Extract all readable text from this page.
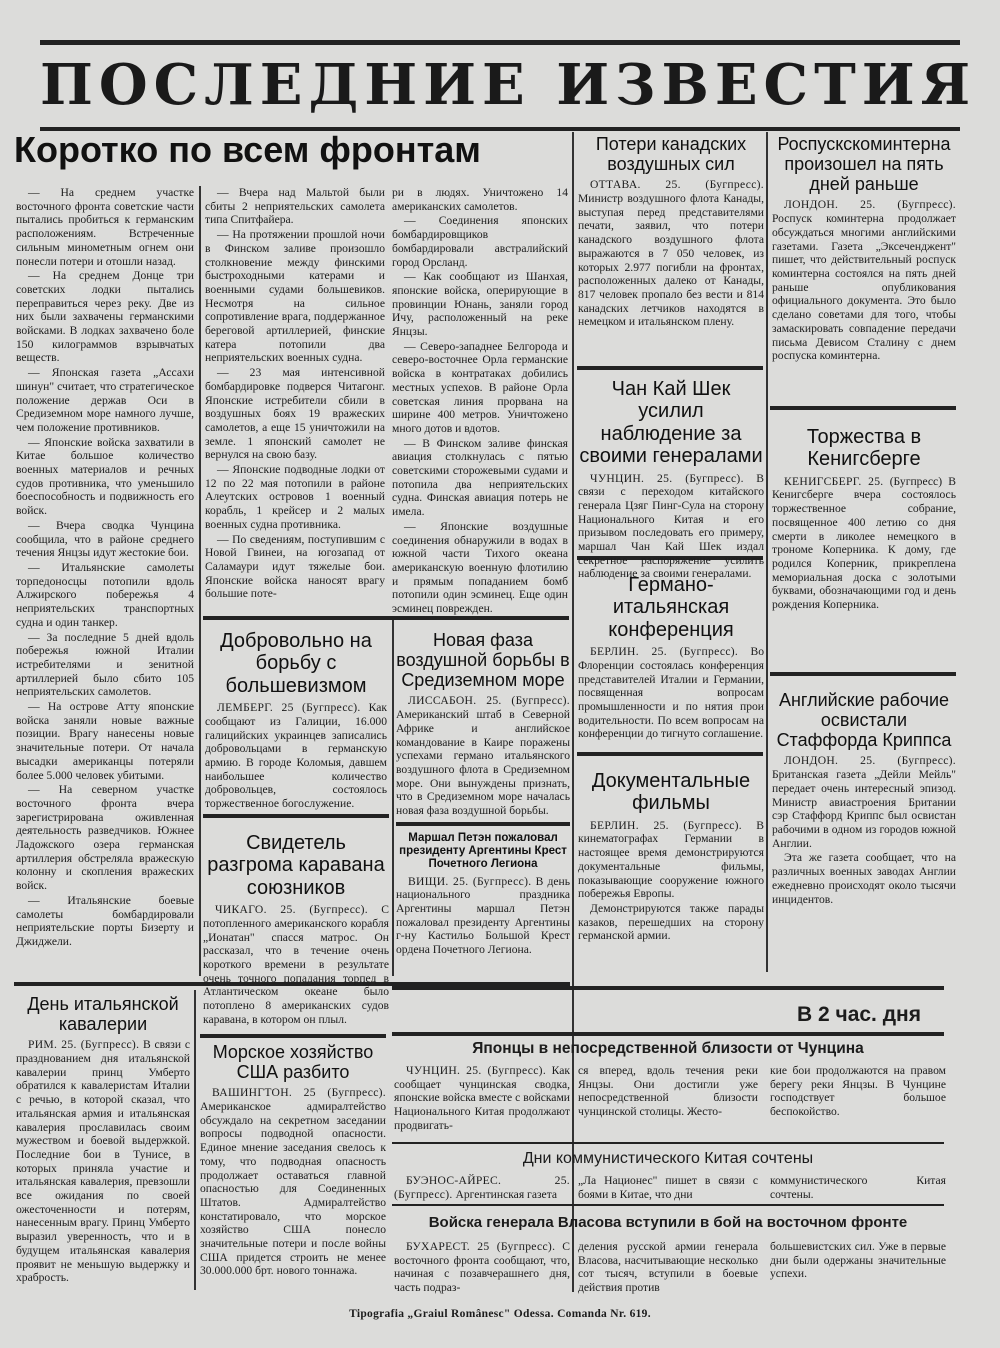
ПОСЛЕДНИЕ ИЗВЕСТИЯ
Коротко по всем фронтам

— На среднем участке восточного фронта советские части пытались пробиться к германским расположениям. Встреченные сильным минометным огнем они понесли потери и отошли назад.

— На среднем Донце три советских лодки пытались переправиться через реку. Две из них были захвачены германскими войсками. В лодках захвачено боле 150 килограммов взрывчатых веществ.

— Японская газета „Ассахи шинун" считает, что стратегическое положение держав Оси в Средиземном море намного лучше, чем положение противников.

— Японские войска захватили в Китае большое количество военных материалов и речных судов противника, что уменьшило боеспособность и подвижность его войск.

— Вчера сводка Чунцина сообщила, что в районе среднего течения Янцзы идут жестокие бои.

— Итальянские самолеты торпедоносцы потопили вдоль Алжирского побережья 4 неприятельских транспортных судна и один танкер.

— За последние 5 дней вдоль побережья южной Италии истребителями и зенитной артиллерией было сбито 105 неприятельских самолетов.

— На острове Атту японские войска заняли новые важные позиции. Врагу нанесены новые значительные потери. От начала высадки американцы потеряли более 5.000 человек убитыми.

— На северном участке восточного фронта вчера зарегистрирована оживленная деятельность разведчиков. Южнее Ладожского озера германская артиллерия обстреляла вражескую колонну и скопления вражеских войск.

— Итальянские боевые самолеты бомбардировали неприятельские порты Бизерту и Джиджели.

— Вчера над Мальтой были сбиты 2 неприятельских самолета типа Спитфайера.

— На протяжении прошлой ночи в Финском заливе произошло столкновение между финскими быстроходными катерами и военными судами большевиков. Несмотря на сильное сопротивление врага, поддержанное береговой артиллерией, финские катера потопили два неприятельских военных судна.

— 23 мая интенсивной бомбардировке подверся Читагонг. Японские истребители сбили в воздушных боях 19 вражеских самолетов, а еще 15 уничтожили на земле. 1 японский самолет не вернулся на свою базу.

— Японские подводные лодки от 12 по 22 мая потопили в районе Алеутских островов 1 военный корабль, 1 крейсер и 2 малых военных судна противника.

— По сведениям, поступившим с Новой Гвинеи, на югозапад от Саламаури идут тяжелые бои. Японские войска наносят врагу большие поте-

ри в людях. Уничтожено 14 американских самолетов.

— Соединения японских бомбардировщиков бомбардировали австралийский город Орсланд.

— Как сообщают из Шанхая, японские войска, оперирующие в провинции Юнань, заняли город Ичу, расположенный на реке Янцзы.

— Северо-западнее Белгорода и северо-восточнее Орла германские войска в контратаках добились местных успехов. В районе Орла советская линия прорвана на ширине 400 метров. Уничтожено много дотов и вдотов.

— В Финском заливе финская авиация столкнулась с пятью советскими сторожевыми судами и потопила два неприятельских судна. Финская авиация потерь не имела.

— Японские воздушные соединения обнаружили в водах в южной части Тихого океана американскую военную флотилию и прямым попаданием бомб потопили один эсминец. Еще один эсминец поврежден.

Потери канадских воздушных сил

ОТТАВА. 25. (Бугпресс). Министр воздушного флота Канады, выступая перед представителями печати, заявил, что потери канадского воздушного флота выражаются в 7 050 человек, из которых 2.977 погибли на фронтах, расположенных далеко от Канады, 817 человек пропало без вести и 814 канадских летчиков находятся в немецком и итальянском плену.

Роспускcкоминтерна произошел на пять дней раньше

ЛОНДОН. 25. (Бугпресс). Роспуск коминтерна продолжает обсуждаться многими английскими газетами. Газета „Эксеченджент" пишет, что действительный роспуск коминтерна состоялся на пять дней раньше опубликования официального документа. Это было сделано советами для того, чтобы замаскировать совпадение передачи письма Девисом Сталину с днем роспуска коминтерна.

Чан Кай Шек усилил наблюдение за своими генералами

ЧУНЦИН. 25. (Бугпресс). В связи с переходом китайского генерала Цзяг Пинг-Сула на сторону Национального Китая и его призывом последовать его примеру, маршал Чан Кай Шек издал секретное распоряжение усилить наблюдение за своими генералами.

Торжества в Кенигсберге

КЕНИГСБЕРГ. 25. (Бугпресс) В Кенигсберге вчера состоялось торжественное собрание, посвященное 400 летию со дня смерти в ликолее немецкого в трономе Коперника. К дому, где родился Коперник, прикреплена мемориальная доска с золотыми буквами, обозначающими год и день рождения Коперника.

Германо-итальянская конференция

БЕРЛИН. 25. (Бугпресс). Во Флоренции состоялась конференция представителей Италии и Германии, посвященная вопросам промышленности и по нятия прои водительности. По всем вопросам на конференции до тигнуто соглашение.

Английские рабочие освистали Стаффорда Криппса

ЛОНДОН. 25. (Бугпресс). Британская газета „Дейли Мейль" передает очень интересный эпизод. Министр авиастроения Британии сэр Стаффорд Криппс был освистан рабочими в одном из городов южной Англии.

Эта же газета сообщает, что на различных военных заводах Англии ежедневно происходят около тысячи инцидентов.

Документальные фильмы

БЕРЛИН. 25. (Бугпресс). В кинематографах Германии в настоящее время демонстрируются документальные фильмы, показывающие сооружение южного побережья Европы.

Демонстрируются также парады казаков, перешедших на сторону германской армии.

Добровольно на борьбу с большевизмом

ЛЕМБЕРГ. 25 (Бугпресс). Как сообщают из Галиции, 16.000 галицийских украинцев записались добровольцами в германскую армию. В городе Коломыя, давшем наибольшее количество добровольцев, состоялось торжественное богослужение.

Новая фаза воздушной борьбы в Средиземном море

ЛИССАБОН. 25. (Бугпресс). Американский штаб в Северной Африке и английское командование в Каире поражены успехами германо итальянского воздушного флота в Средиземном море. Они вынуждены признать, что в Средиземном море началась новая фаза воздушной борьбы.

Свидетель разгрома каравана союзников

ЧИКАГО. 25. (Бугпресс). С потопленного американского корабля „Ионатан" спасся матрос. Он рассказал, что в течение очень короткого времени в результате очень точного попадания торпед в Атлантическом океане было потоплено 8 американских судов каравана, в котором он плыл.

Маршал Петэн пожаловал президенту Аргентины Крест Почетного Легиона

ВИЩИ. 25. (Бугпресс). В день национального праздника Аргентины маршал Петэн пожаловал президенту Аргентины г-ну Кастильо Большой Крест ордена Почетного Легиона.

День итальянской кавалерии

РИМ. 25. (Бугпресс). В связи с празднованием дня итальянской кавалерии принц Умберто обратился к кавалеристам Италии с речью, в которой сказал, что итальянская армия и итальянская кавалерия прославилась своим мужеством и боевой выдержкой. Последние бои в Тунисе, в которых приняла участие и итальянская кавалерия, превзошли все ожидания по своей ожесточенности и потерям, нанесенным врагу. Принц Умберто выразил уверенность, что и в будущем итальянская кавалерия проявит не меньшую выдержку и храбрость.

Морское хозяйство США разбито

ВАШИНГТОН. 25 (Бугпресс). Американское адмиралтейство обсуждало на секретном заседании вопросы подводной опасности. Единое мнение заседания свелось к тому, что подводная опасность продолжает оставаться главной опасностью для Соединенных Штатов. Адмиралтейство констатировало, что морское хозяйство США понесло значительные потери и после войны США придется строить не менее 30.000.000 брт. нового тоннажа.

В 2 час. дня
Японцы в непосредственной близости от Чунцина

ЧУНЦИН. 25. (Бугпресс). Как сообщает чунцинская сводка, японские войска вместе с войсками Национального Китая продолжают продвигать-

ся вперед, вдоль течения реки Янцзы. Они достигли уже непосредственной близости чунцинской столицы. Жесто-

кие бои продолжаются на правом берегу реки Янцзы. В Чунцине господствует большое беспокойство.

Дни коммунистического Китая сочтены

БУЭНОС-АЙРЕС. 25. (Бугпресс). Аргентинская газета

„Ла Национес" пишет в связи с боями в Китае, что дни

коммунистического Китая сочтены.

Войска генерала Власова вступили в бой на восточном фронте

БУХАРЕСТ. 25 (Бугпресс). С восточного фронта сообщают, что, начиная с позавчерашнего дня, часть подраз-

деления русской армии генерала Власова, насчитывающие несколько сот тысяч, вступили в боевые действия против

большевистских сил. Уже в первые дни были одержаны значительные успехи.

Tipografia „Graiul Românesc" Odessa. Comanda Nr. 619.
